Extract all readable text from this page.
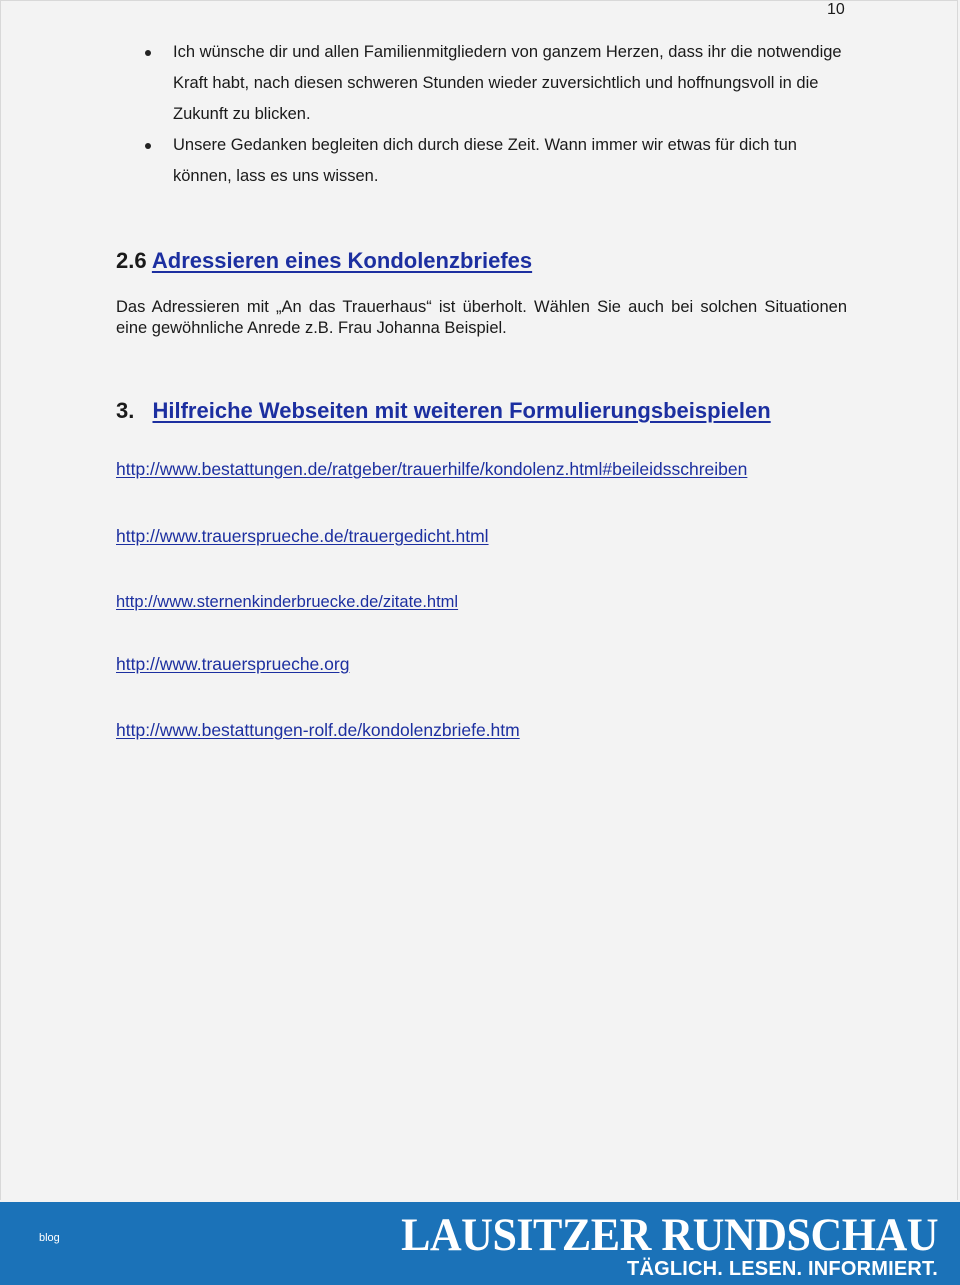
10
Ich wünsche dir und allen Familienmitgliedern von ganzem Herzen, dass ihr die notwendige Kraft habt, nach diesen schweren Stunden wieder zuversichtlich und hoffnungsvoll in die Zukunft zu blicken.
Unsere Gedanken begleiten dich durch diese Zeit. Wann immer wir etwas für dich tun können, lass es uns wissen.
2.6 Adressieren eines Kondolenzbriefes

Das Adressieren mit „An das Trauerhaus“ ist überholt. Wählen Sie auch bei solchen Situationen eine gewöhnliche Anrede z.B. Frau Johanna Beispiel.

3. Hilfreiche Webseiten mit weiteren Formulierungsbeispielen
http://www.bestattungen.de/ratgeber/trauerhilfe/kondolenz.html#beileidsschreiben
http://www.trauersprueche.de/trauergedicht.html
http://www.sternenkinderbruecke.de/zitate.html
http://www.trauersprueche.org
http://www.bestattungen-rolf.de/kondolenzbriefe.htm
blog	LAUSITZER RUNDSCHAU
TÄGLICH. LESEN. INFORMIERT.
